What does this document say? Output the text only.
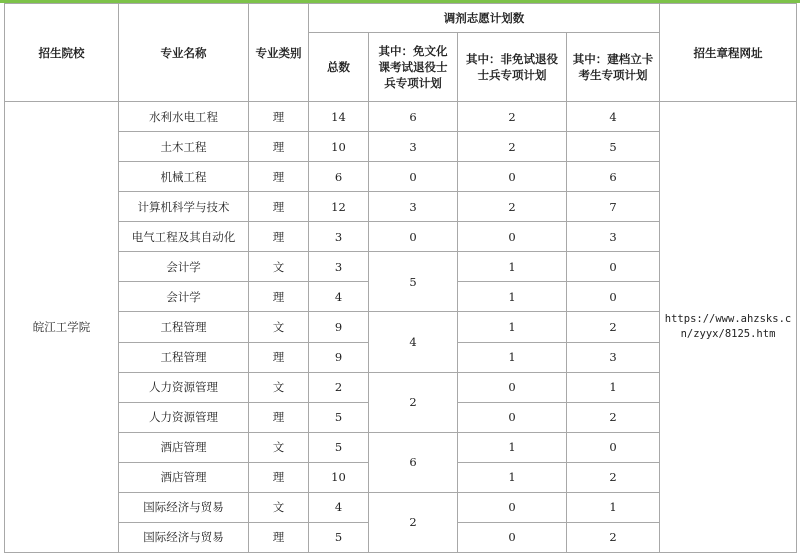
招生院校	专业名称	专业类别	调剂志愿计划数				招生章程网址
			总数	其中：免文化课考试退役士兵专项计划	其中：非免试退役士兵专项计划	其中：建档立卡考生专项计划	
皖江工学院	水利水电工程	理	14	6	2	4	https://www.ahzsks.cn/zyyx/8125.htm
	土木工程	理	10	3	2	5	
	机械工程	理	6	0	0	6	
	计算机科学与技术	理	12	3	2	7	
	电气工程及其自动化	理	3	0	0	3	
	会计学	文	3	5	1	0	
	会计学	理	4		1	0	
	工程管理	文	9	4	1	2	
	工程管理	理	9		1	3	
	人力资源管理	文	2	2	0	1	
	人力资源管理	理	5		0	2	
	酒店管理	文	5	6	1	0	
	酒店管理	理	10		1	2	
	国际经济与贸易	文	4	2	0	1	
	国际经济与贸易	理	5		0	2	
